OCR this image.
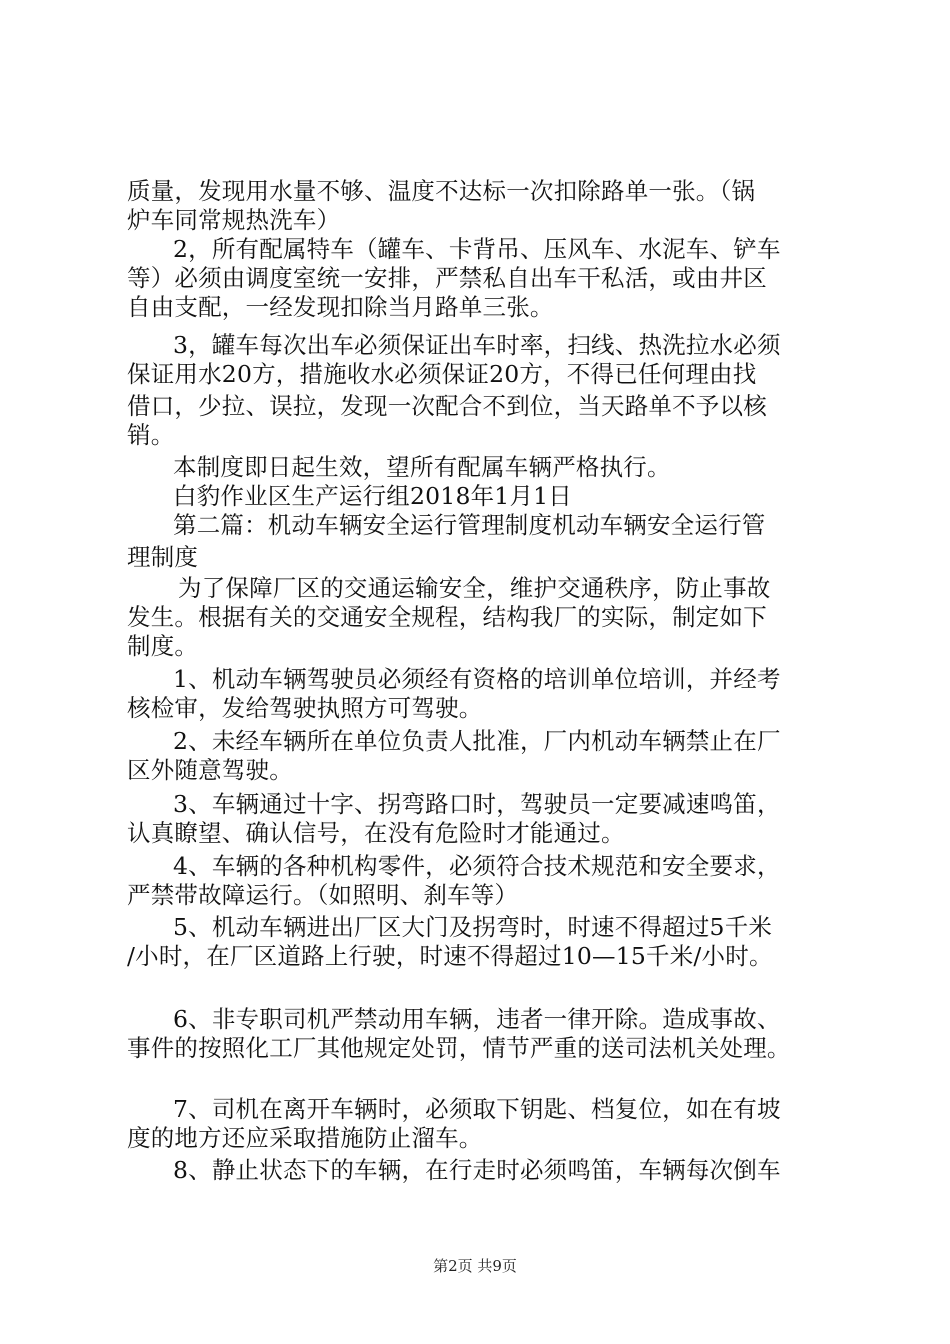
质量，发现用水量不够、温度不达标一次扣除路单一张。（锅
炉车同常规热洗车）
2，所有配属特车（罐车、卡背吊、压风车、水泥车、铲车
等）必须由调度室统一安排，严禁私自出车干私活，或由井区
自由支配，一经发现扣除当月路单三张。
3，罐车每次出车必须保证出车时率，扫线、热洗拉水必须
保证用水20方，措施收水必须保证20方，不得已任何理由找
借口，少拉、误拉，发现一次配合不到位，当天路单不予以核
销。
本制度即日起生效，望所有配属车辆严格执行。
白豹作业区生产运行组2018年1月1日
第二篇：机动车辆安全运行管理制度机动车辆安全运行管
理制度
为了保障厂区的交通运输安全，维护交通秩序，防止事故
发生。根据有关的交通安全规程，结构我厂的实际，制定如下
制度。
1、机动车辆驾驶员必须经有资格的培训单位培训，并经考
核检审，发给驾驶执照方可驾驶。
2、未经车辆所在单位负责人批准，厂内机动车辆禁止在厂
区外随意驾驶。
3、车辆通过十字、拐弯路口时，驾驶员一定要减速鸣笛，
认真瞭望、确认信号，在没有危险时才能通过。
4、车辆的各种机构零件，必须符合技术规范和安全要求，
严禁带故障运行。（如照明、刹车等）
5、机动车辆进出厂区大门及拐弯时，时速不得超过5千米
/小时，在厂区道路上行驶，时速不得超过10—15千米/小时。
6、非专职司机严禁动用车辆，违者一律开除。造成事故、
事件的按照化工厂其他规定处罚，情节严重的送司法机关处理。
7、司机在离开车辆时，必须取下钥匙、档复位，如在有坡
度的地方还应采取措施防止溜车。
8、静止状态下的车辆，在行走时必须鸣笛，车辆每次倒车
第2页 共9页
